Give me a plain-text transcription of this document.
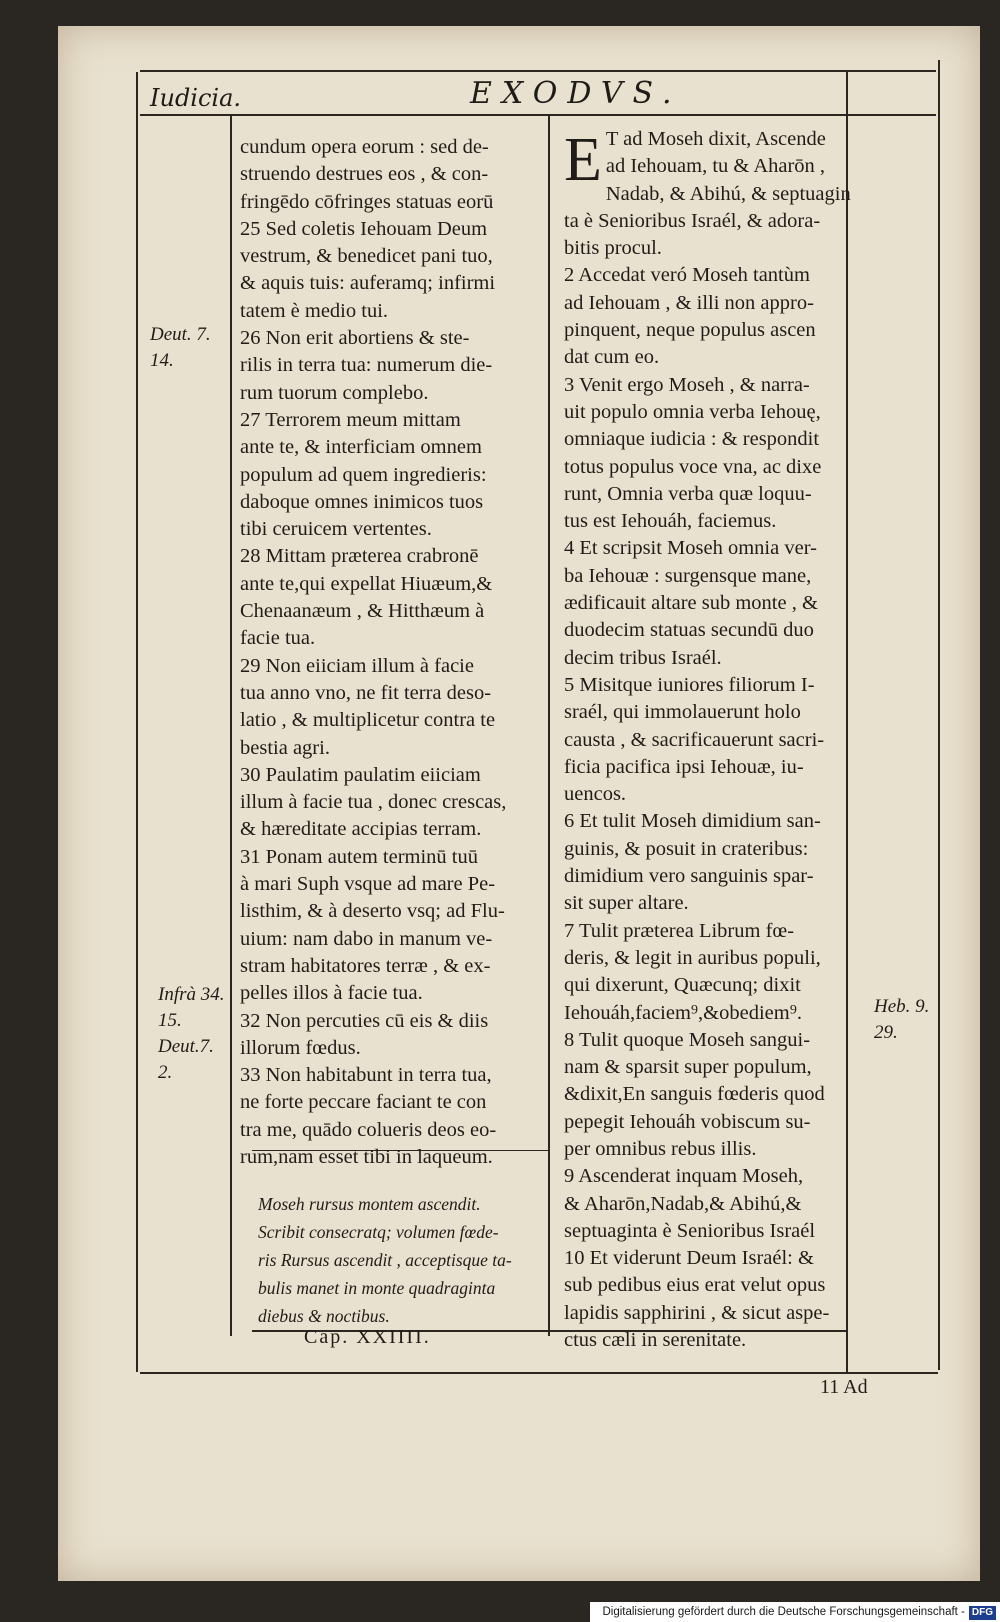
Iudicia.	EXODVS.
Deut. 7.
14.
Infrà 34.
15.
Deut.7.
2.
Heb. 9.
29.
cundum opera eorum : sed de-
struendo destrues eos , & con-
fringēdo cōfringes statuas eorū
25 Sed coletis Iehouam Deum
vestrum, & benedicet pani tuo,
& aquis tuis: auferamq; infirmi
tatem è medio tui.
26 Non erit abortiens & ste-
rilis in terra tua: numerum die-
rum tuorum complebo.
27 Terrorem meum mittam
ante te, & interficiam omnem
populum ad quem ingredieris:
daboque omnes inimicos tuos
tibi ceruicem vertentes.
28 Mittam præterea crabronē
ante te,qui expellat Hiuæum,&
Chenaanæum , & Hitthæum à
facie tua.
29 Non eiiciam illum à facie
tua anno vno, ne fit terra deso-
latio , & multiplicetur contra te
bestia agri.
30 Paulatim paulatim eiiciam
illum à facie tua , donec crescas,
& hæreditate accipias terram.
31 Ponam autem terminū tuū
à mari Suph vsque ad mare Pe-
listhim, & à deserto vsq; ad Flu-
uium: nam dabo in manum ve-
stram habitatores terræ , & ex-
pelles illos à facie tua.
32 Non percuties cū eis & diis
illorum fœdus.
33 Non habitabunt in terra tua,
ne forte peccare faciant te con
tra me, quādo colueris deos eo-
rum,nam esset tibi in laqueum.
Moseh rursus montem ascendit.
Scribit consecratq; volumen fœde-
ris Rursus ascendit , acceptisque ta-
bulis manet in monte quadraginta
diebus & noctibus.
Cap. XXIIII.
E T ad Moseh dixit, Ascende
ad Iehouam, tu & Aharōn ,
Nadab, & Abihú, & septuagin
ta è Senioribus Israél, & adora-
bitis procul.
2 Accedat veró Moseh tantùm
ad Iehouam , & illi non appro-
pinquent, neque populus ascen
dat cum eo.
3 Venit ergo Moseh , & narra-
uit populo omnia verba Iehouę,
omniaque iudicia : & respondit
totus populus voce vna, ac dixe
runt, Omnia verba quæ loquu-
tus est Iehouáh, faciemus.
4 Et scripsit Moseh omnia ver-
ba Iehouæ : surgensque mane,
ædificauit altare sub monte , &
duodecim statuas secundū duo
decim tribus Israél.
5 Misitque iuniores filiorum I-
sraél, qui immolauerunt holo
causta , & sacrificauerunt sacri-
ficia pacifica ipsi Iehouæ, iu-
uencos.
6 Et tulit Moseh dimidium san-
guinis, & posuit in crateribus:
dimidium vero sanguinis spar-
sit super altare.
7 Tulit præterea Librum fœ-
deris, & legit in auribus populi,
qui dixerunt, Quæcunq; dixit
Iehouáh,faciem⁹,&obediem⁹.
8 Tulit quoque Moseh sangui-
nam & sparsit super populum,
&dixit,En sanguis fœderis quod
pepegit Iehouáh vobiscum su-
per omnibus rebus illis.
9 Ascenderat inquam Moseh,
& Aharōn,Nadab,& Abihú,&
septuaginta è Senioribus Israél
10 Et viderunt Deum Israél: &
sub pedibus eius erat velut opus
lapidis sapphirini , & sicut aspe-
ctus cæli in serenitate.
11 Ad
Digitalisierung gefördert durch die Deutsche Forschungsgemeinschaft - DFG
